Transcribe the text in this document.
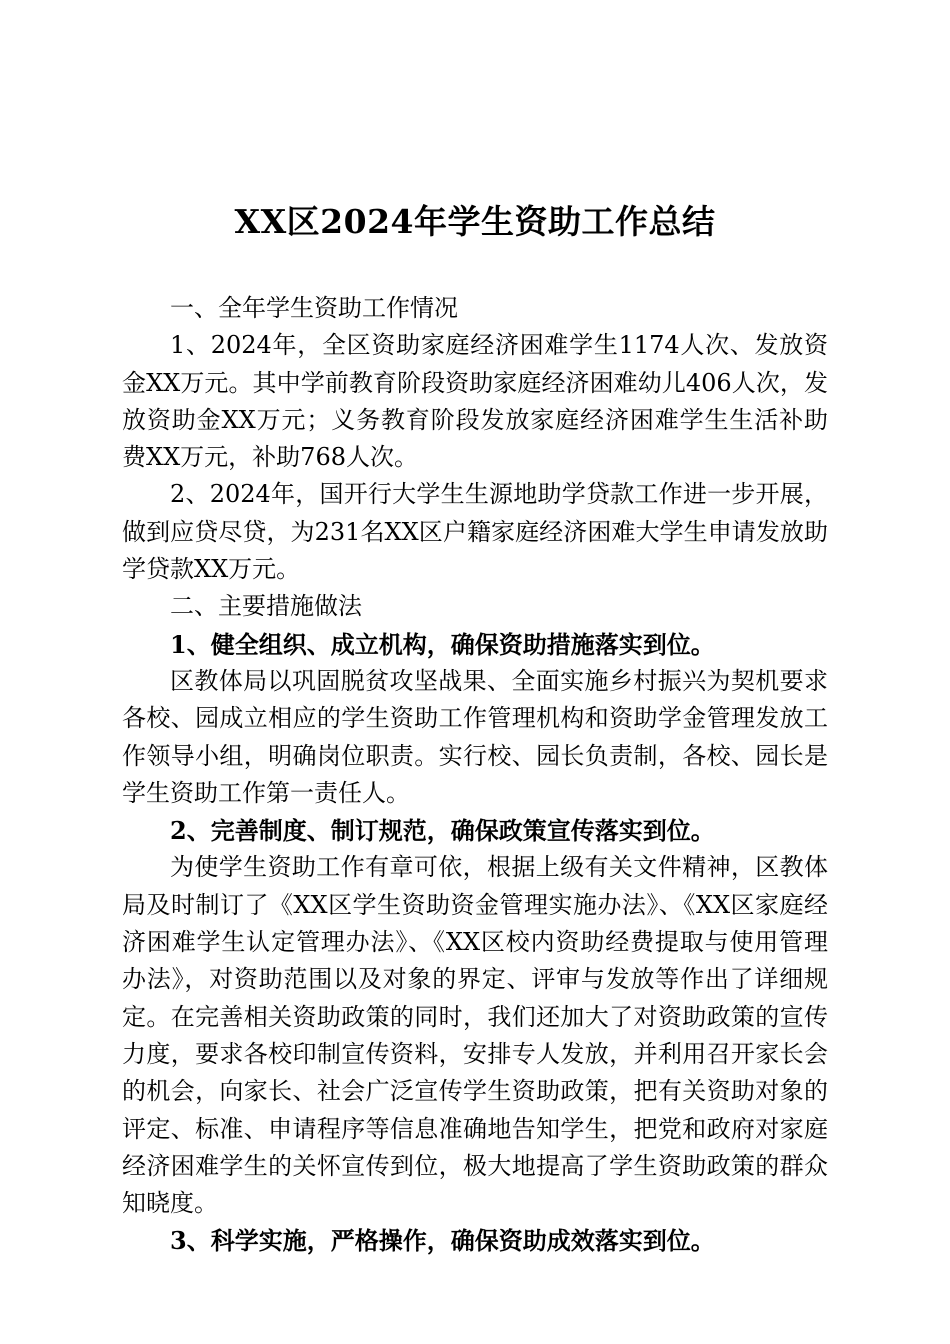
XX区2024年学生资助工作总结

一、全年学生资助工作情况

1、2024年，全区资助家庭经济困难学生1174人次、发放资金XX万元。其中学前教育阶段资助家庭经济困难幼儿406人次，发放资助金XX万元；义务教育阶段发放家庭经济困难学生生活补助费XX万元，补助768人次。

2、2024年，国开行大学生生源地助学贷款工作进一步开展，做到应贷尽贷，为231名XX区户籍家庭经济困难大学生申请发放助学贷款XX万元。

二、主要措施做法

1、健全组织、成立机构，确保资助措施落实到位。

区教体局以巩固脱贫攻坚战果、全面实施乡村振兴为契机要求各校、园成立相应的学生资助工作管理机构和资助学金管理发放工作领导小组，明确岗位职责。实行校、园长负责制，各校、园长是学生资助工作第一责任人。

2、完善制度、制订规范，确保政策宣传落实到位。

为使学生资助工作有章可依，根据上级有关文件精神，区教体局及时制订了《XX区学生资助资金管理实施办法》、《XX区家庭经济困难学生认定管理办法》、《XX区校内资助经费提取与使用管理办法》，对资助范围以及对象的界定、评审与发放等作出了详细规定。在完善相关资助政策的同时，我们还加大了对资助政策的宣传力度，要求各校印制宣传资料，安排专人发放，并利用召开家长会的机会，向家长、社会广泛宣传学生资助政策，把有关资助对象的评定、标准、申请程序等信息准确地告知学生，把党和政府对家庭经济困难学生的关怀宣传到位，极大地提高了学生资助政策的群众知晓度。

3、科学实施，严格操作，确保资助成效落实到位。
